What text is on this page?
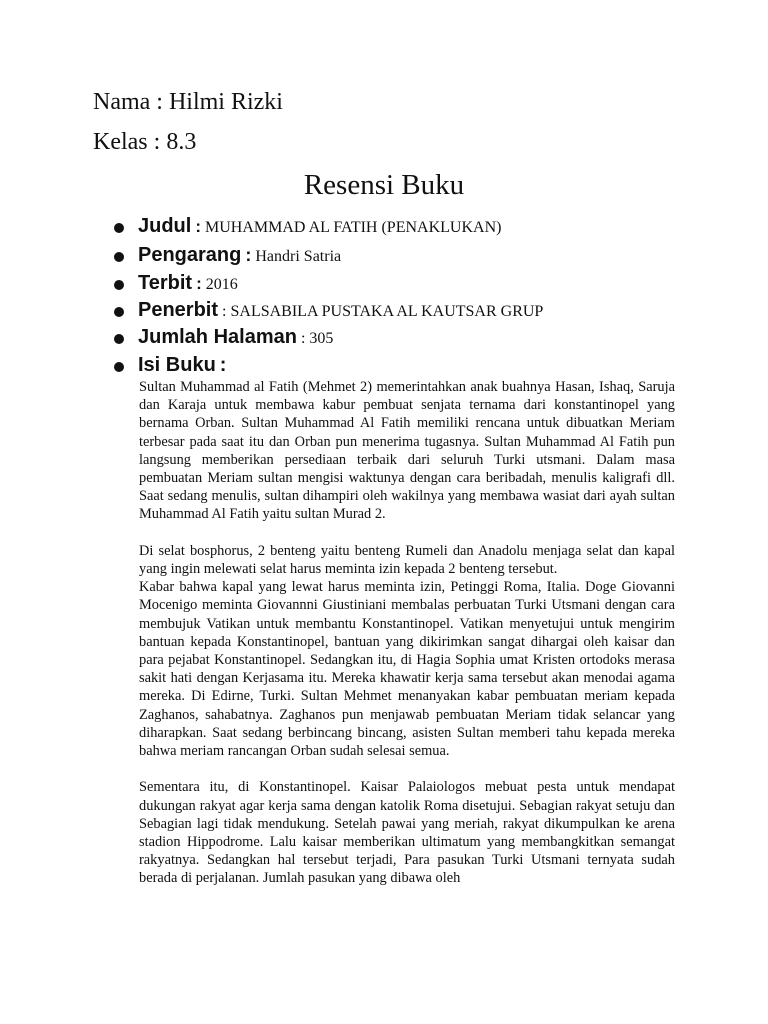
Nama : Hilmi Rizki
Kelas : 8.3
Resensi Buku
Judul : MUHAMMAD AL FATIH (PENAKLUKAN)
Pengarang : Handri Satria
Terbit : 2016
Penerbit : SALSABILA PUSTAKA AL KAUTSAR GRUP
Jumlah Halaman : 305
Isi Buku :

Sultan Muhammad al Fatih (Mehmet 2) memerintahkan anak buahnya Hasan, Ishaq, Saruja dan Karaja untuk membawa kabur pembuat senjata ternama dari konstantinopel yang bernama Orban. Sultan Muhammad Al Fatih memiliki rencana untuk dibuatkan Meriam terbesar pada saat itu dan Orban pun menerima tugasnya. Sultan Muhammad Al Fatih pun langsung memberikan persediaan terbaik dari seluruh Turki utsmani. Dalam masa pembuatan Meriam sultan mengisi waktunya dengan cara beribadah, menulis kaligrafi dll. Saat sedang menulis, sultan dihampiri oleh wakilnya yang membawa wasiat dari ayah sultan Muhammad Al Fatih yaitu sultan Murad 2.

Di selat bosphorus, 2 benteng yaitu benteng Rumeli dan Anadolu menjaga selat dan kapal yang ingin melewati selat harus meminta izin kepada 2 benteng tersebut.

Kabar bahwa kapal yang lewat harus meminta izin, Petinggi Roma, Italia. Doge Giovanni Mocenigo meminta Giovannni Giustiniani membalas perbuatan Turki Utsmani dengan cara membujuk Vatikan untuk membantu Konstantinopel. Vatikan menyetujui untuk mengirim bantuan kepada Konstantinopel, bantuan yang dikirimkan sangat dihargai oleh kaisar dan para pejabat Konstantinopel. Sedangkan itu, di Hagia Sophia umat Kristen ortodoks merasa sakit hati dengan Kerjasama itu. Mereka khawatir kerja sama tersebut akan menodai agama mereka. Di Edirne, Turki. Sultan Mehmet menanyakan kabar pembuatan meriam kepada Zaghanos, sahabatnya. Zaghanos pun menjawab pembuatan Meriam tidak selancar yang diharapkan. Saat sedang berbincang bincang, asisten Sultan memberi tahu kepada mereka bahwa meriam rancangan Orban sudah selesai semua.

Sementara itu, di Konstantinopel. Kaisar Palaiologos mebuat pesta untuk mendapat dukungan rakyat agar kerja sama dengan katolik Roma disetujui. Sebagian rakyat setuju dan Sebagian lagi tidak mendukung. Setelah pawai yang meriah, rakyat dikumpulkan ke arena stadion Hippodrome. Lalu kaisar memberikan ultimatum yang membangkitkan semangat rakyatnya. Sedangkan hal tersebut terjadi, Para pasukan Turki Utsmani ternyata sudah berada di perjalanan. Jumlah pasukan yang dibawa oleh
